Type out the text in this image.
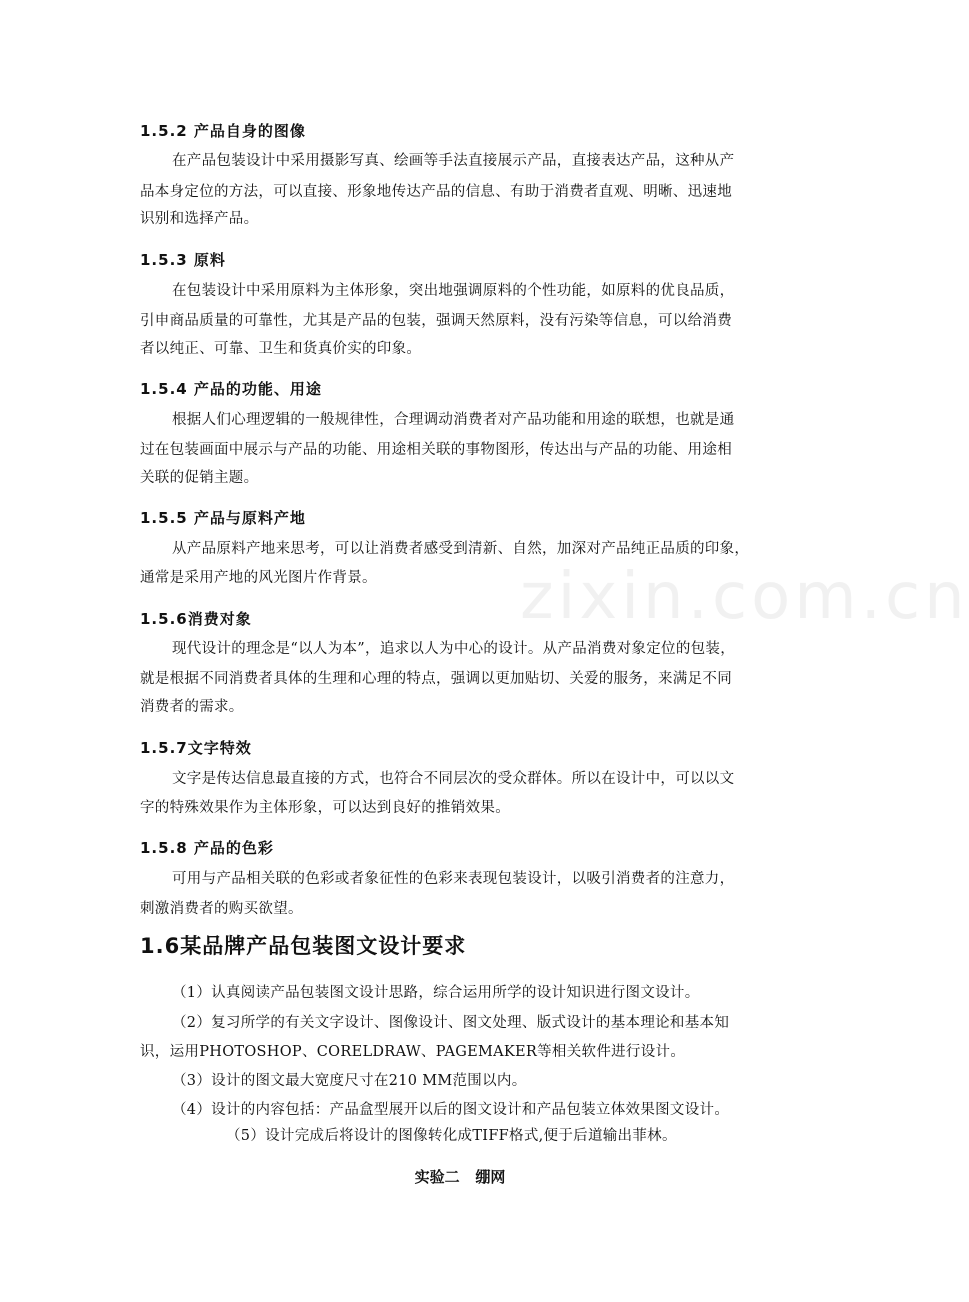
zixin.com.cn
1.5.2 产品自身的图像
在产品包装设计中采用摄影写真、绘画等手法直接展示产品，直接表达产品，这种从产
品本身定位的方法，可以直接、形象地传达产品的信息、有助于消费者直观、明晰、迅速地
识别和选择产品。
1.5.3 原料
在包装设计中采用原料为主体形象，突出地强调原料的个性功能，如原料的优良品质，
引申商品质量的可靠性，尤其是产品的包装，强调天然原料，没有污染等信息，可以给消费
者以纯正、可靠、卫生和货真价实的印象。
1.5.4 产品的功能、用途
根据人们心理逻辑的一般规律性，合理调动消费者对产品功能和用途的联想，也就是通
过在包装画面中展示与产品的功能、用途相关联的事物图形，传达出与产品的功能、用途相
关联的促销主题。
1.5.5 产品与原料产地
从产品原料产地来思考，可以让消费者感受到清新、自然，加深对产品纯正品质的印象，
通常是采用产地的风光图片作背景。
1.5.6消费对象
现代设计的理念是“以人为本”，追求以人为中心的设计。从产品消费对象定位的包装，
就是根据不同消费者具体的生理和心理的特点，强调以更加贴切、关爱的服务，来满足不同
消费者的需求。
1.5.7文字特效
文字是传达信息最直接的方式，也符合不同层次的受众群体。所以在设计中，可以以文
字的特殊效果作为主体形象，可以达到良好的推销效果。
1.5.8 产品的色彩
可用与产品相关联的色彩或者象征性的色彩来表现包装设计，以吸引消费者的注意力，
刺激消费者的购买欲望。
1.6某品牌产品包装图文设计要求
（1）认真阅读产品包装图文设计思路，综合运用所学的设计知识进行图文设计。
（2）复习所学的有关文字设计、图像设计、图文处理、版式设计的基本理论和基本知
识，运用PHOTOSHOP、CORELDRAW、PAGEMAKER等相关软件进行设计。
（3）设计的图文最大宽度尺寸在210 MM范围以内。
（4）设计的内容包括：产品盒型展开以后的图文设计和产品包装立体效果图文设计。
（5）设计完成后将设计的图像转化成TIFF格式,便于后道输出菲林。
实验二   绷网
